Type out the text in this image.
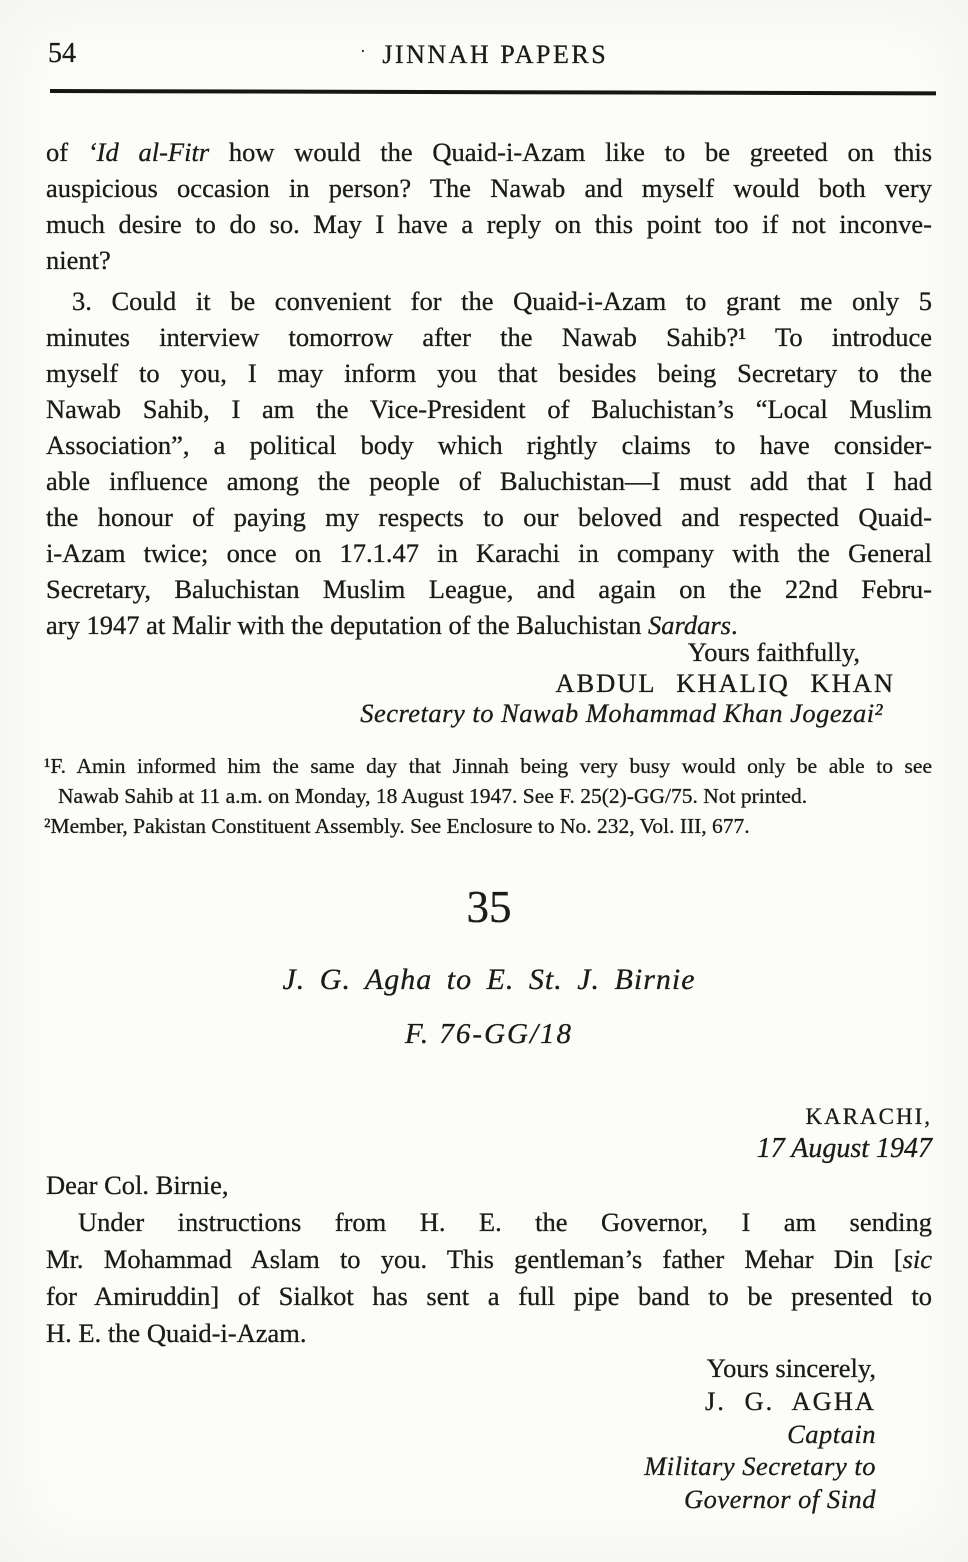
54	· JINNAH PAPERS
of ‘Id al-Fitr how would the Quaid-i-Azam like to be greeted on this
auspicious occasion in person? The Nawab and myself would both very
much desire to do so. May I have a reply on this point too if not inconve-
nient?
3. Could it be convenient for the Quaid-i-Azam to grant me only 5
minutes interview tomorrow after the Nawab Sahib?¹ To introduce
myself to you, I may inform you that besides being Secretary to the
Nawab Sahib, I am the Vice-President of Baluchistan’s “Local Muslim
Association”, a political body which rightly claims to have consider-
able influence among the people of Baluchistan—I must add that I had
the honour of paying my respects to our beloved and respected Quaid-
i-Azam twice; once on 17.1.47 in Karachi in company with the General
Secretary, Baluchistan Muslim League, and again on the 22nd Febru-
ary 1947 at Malir with the deputation of the Baluchistan Sardars.
Yours faithfully,
ABDUL KHALIQ KHAN
Secretary to Nawab Mohammad Khan Jogezai²
¹F. Amin informed him the same day that Jinnah being very busy would only be able to see
Nawab Sahib at 11 a.m. on Monday, 18 August 1947. See F. 25(2)-GG/75. Not printed.
²Member, Pakistan Constituent Assembly. See Enclosure to No. 232, Vol. III, 677.
35
J. G. Agha to E. St. J. Birnie
F. 76-GG/18
KARACHI,
17 August 1947
Dear Col. Birnie,
Under instructions from H. E. the Governor, I am sending
Mr. Mohammad Aslam to you. This gentleman’s father Mehar Din [sic
for Amiruddin] of Sialkot has sent a full pipe band to be presented to
H. E. the Quaid-i-Azam.
Yours sincerely,
J. G. AGHA
Captain
Military Secretary to
Governor of Sind
